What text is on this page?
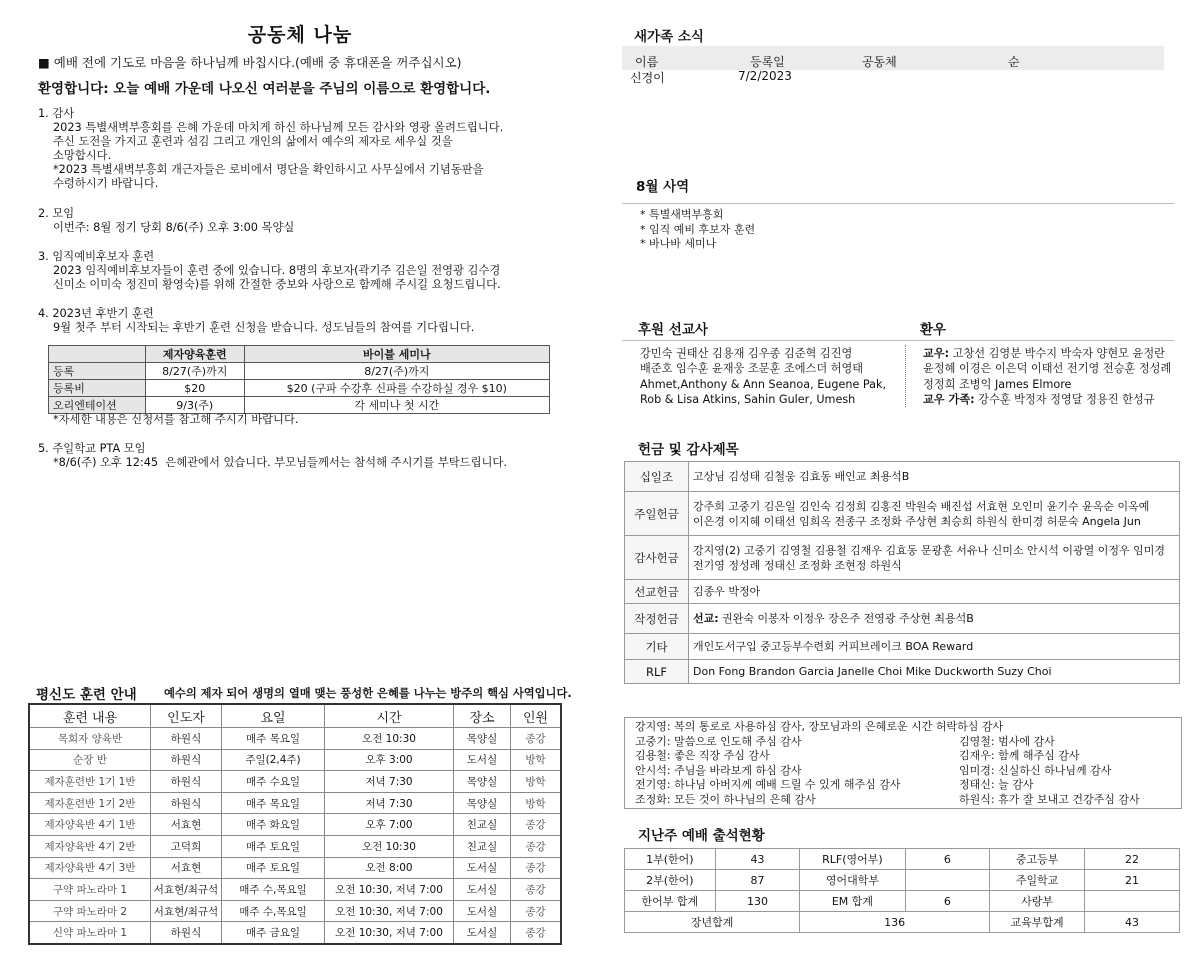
공동체 나눔
■ 예배 전에 기도로 마음을 하나님께 바칩시다.(예배 중 휴대폰을 꺼주십시오)
환영합니다: 오늘 예배 가운데 나오신 여러분을 주님의 이름으로 환영합니다.
1. 감사
2023 특별새벽부흥회를 은혜 가운데 마치게 하신 하나님께 모든 감사와 영광 올려드립니다.
주신 도전을 가지고 훈련과 섬김 그리고 개인의 삶에서 예수의 제자로 세우실 것을
소망합시다.
*2023 특별새벽부흥회 개근자들은 로비에서 명단을 확인하시고 사무실에서 기념동판을
수령하시기 바랍니다.
2. 모임
이번주: 8월 정기 당회 8/6(주) 오후 3:00 목양실
3. 임직예비후보자 훈련
2023 임직예비후보자들이 훈련 중에 있습니다. 8명의 후보자(곽기주 김은일 전영광 김수경
신미소 이미숙 정진미 황영숙)를 위해 간절한 중보와 사랑으로 함께해 주시길 요청드립니다.
4. 2023년 후반기 훈련
9월 첫주 부터 시작되는 후반기 훈련 신청을 받습니다. 성도님들의 참여를 기다립니다.
	제자양육훈련	바이블 세미나
등록	8/27(주)까지	8/27(주)까지
등록비	$20	$20 (구파 수강후 신파를 수강하실 경우 $10)
오리엔테이션	9/3(주)	각 세미나 첫 시간
*자세한 내용은 신청서를 참고해 주시기 바랍니다.
5. 주일학교 PTA 모임
*8/6(주) 오후 12:45  은혜관에서 있습니다. 부모님들께서는 참석해 주시기를 부탁드립니다.
평신도 훈련 안내 예수의 제자 되어 생명의 열매 맺는 풍성한 은혜를 나누는 방주의 핵심 사역입니다.
훈련 내용	인도자	요일	시간	장소	인원
목회자 양육반	하원식	매주 목요일	오전 10:30	목양실	종강
순장 반	하원식	주일(2,4주)	오후 3:00	도서실	방학
제자훈련반 1기 1반	하원식	매주 수요일	저녁 7:30	목양실	방학
제자훈련반 1기 2반	하원식	매주 목요일	저녁 7:30	목양실	방학
제자양육반 4기 1반	서효현	매주 화요일	오후 7:00	친교실	종강
제자양육반 4기 2반	고덕희	매주 토요일	오전 10:30	친교실	종강
제자양육반 4기 3반	서효현	매주 토요일	오전 8:00	도서실	종강
구약 파노라마 1	서효현/최규석	매주 수,목요일	오전 10:30, 저녁 7:00	도서실	종강
구약 파노라마 2	서효현/최규석	매주 수,목요일	오전 10:30, 저녁 7:00	도서실	종강
신약 파노라마 1	하원식	매주 금요일	오전 10:30, 저녁 7:00	도서실	종강
새가족 소식
이름	등록일	공동체	순
신경이	7/2/2023
8월 사역
* 특별새벽부흥회
* 임직 예비 후보자 훈련
* 바나바 세미나
후원 선교사	환우
강민숙 권태산 김용재 김우종 김준혁 김진영
배준호 임수훈 윤재웅 조문훈 조에스더 허영태
Ahmet,Anthony & Ann Seanoa, Eugene Pak,
Rob & Lisa Atkins, Sahin Guler, Umesh
교우: 고창선 김영분 박수지 박숙자 양현모 윤정란
윤정혜 이경은 이은덕 이태선 전기영 전승훈 정성례
정정희 조병익 James Elmore
교우 가족: 강수훈 박정자 정영달 정용진 한성규
헌금 및 감사제목
십일조	고상님 김성태 김철웅 김효동 배인교 최용석B
주일헌금	강주희 고중기 김은일 김인숙 김정희 김홍진 박원숙 배진섭 서효현 오인미 윤기수 윤옥순 이옥예
이은경 이지혜 이태선 임희옥 전종구 조정화 주상현 최승희 하원식 한미경 허문숙 Angela Jun
감사헌금	강지영(2) 고중기 김영철 김용철 김재우 김효동 문광훈 서유나 신미소 안시석 이광열 이정우 임미경
전기영 정성례 정태신 조정화 조현정 하원식
선교헌금	김종우 박정아
작정헌금	선교: 권완숙 이봉자 이정우 장은주 전영광 주상현 최용석B
기타	개인도서구입 중고등부수련회 커피브레이크 BOA Reward
RLF	Don Fong Brandon Garcia Janelle Choi Mike Duckworth Suzy Choi
강지영: 복의 통로로 사용하심 감사, 장모님과의 은혜로운 시간 허락하심 감사
고중기: 말씀으로 인도해 주심 감사	김영철: 범사에 감사
김용철: 좋은 직장 주심 감사	김재우: 함께 해주심 감사
안시석: 주님을 바라보게 하심 감사	임미경: 신실하신 하나님께 감사
전기영: 하나님 아버지께 예배 드릴 수 있게 해주심 감사	정태신: 늘 감사
조정화: 모든 것이 하나님의 은혜 감사	하원식: 휴가 잘 보내고 건강주심 감사
지난주 예배 출석현황
1부(한어)	43	RLF(영어부)	6	중고등부	22
2부(한어)	87	영어대학부		주일학교	21
한어부 합계	130	EM 합계	6	사랑부	
장년합계		136		교육부합계	43
